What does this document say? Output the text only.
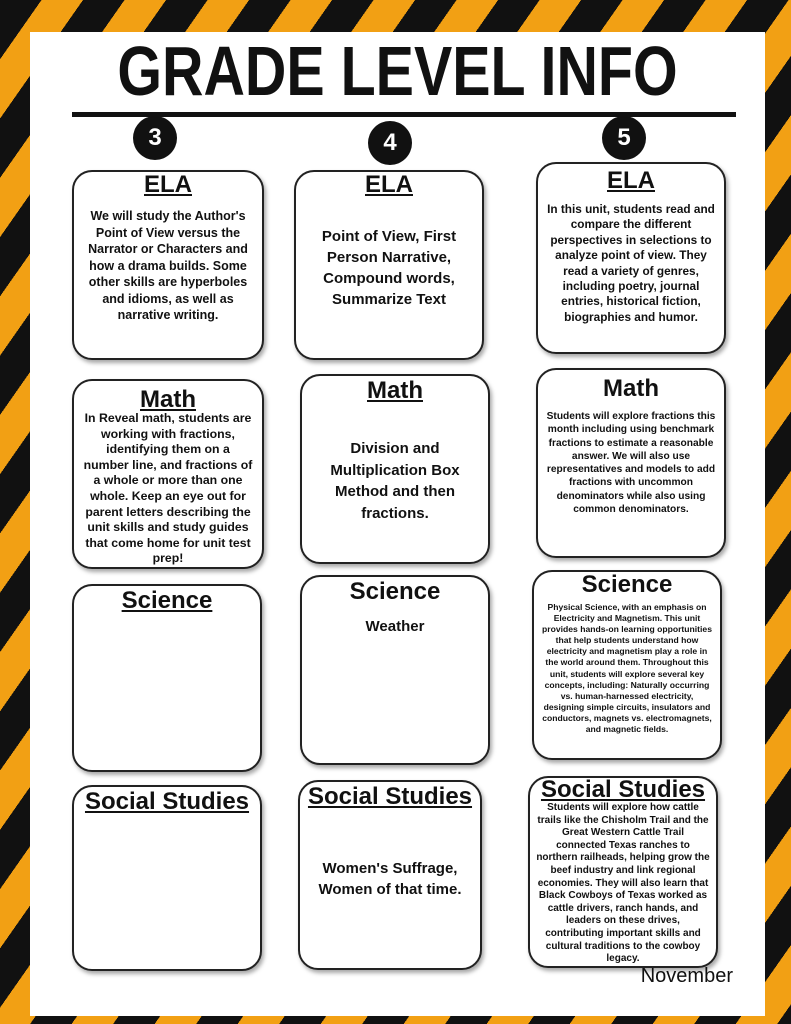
GRADE LEVEL INFO
3	4	5
ELA

We will study the Author's Point of View versus the Narrator or Characters and how a drama builds. Some other skills are hyperboles and idioms, as well as narrative writing.

Math

In Reveal math, students are working with fractions, identifying them on a number line, and fractions of a whole or more than one whole. Keep an eye out for parent letters describing the unit skills and study guides that come home for unit test prep!

Science

Social Studies

ELA

Point of View, First Person Narrative, Compound words, Summarize Text

Math

Division and Multiplication Box Method and then fractions.

Science

Weather

Social Studies

Women's Suffrage, Women of that time.

ELA

In this unit, students read and compare the different perspectives in selections to analyze point of view. They read a variety of genres, including poetry, journal entries, historical fiction, biographies and humor.

Math

Students will explore fractions this month including using benchmark fractions to estimate a reasonable answer. We will also use representatives and models to add fractions with uncommon denominators while also using common denominators.

Science

Physical Science, with an emphasis on Electricity and Magnetism. This unit provides hands-on learning opportunities that help students understand how electricity and magnetism play a role in the world around them. Throughout this unit, students will explore several key concepts, including: Naturally occurring vs. human-harnessed electricity, designing simple circuits, insulators and conductors, magnets vs. electromagnets, and magnetic fields.

Social Studies

Students will explore how cattle trails like the Chisholm Trail and the Great Western Cattle Trail connected Texas ranches to northern railheads, helping grow the beef industry and link regional economies. They will also learn that Black Cowboys of Texas worked as cattle drivers, ranch hands, and leaders on these drives, contributing important skills and cultural traditions to the cowboy legacy.

November
